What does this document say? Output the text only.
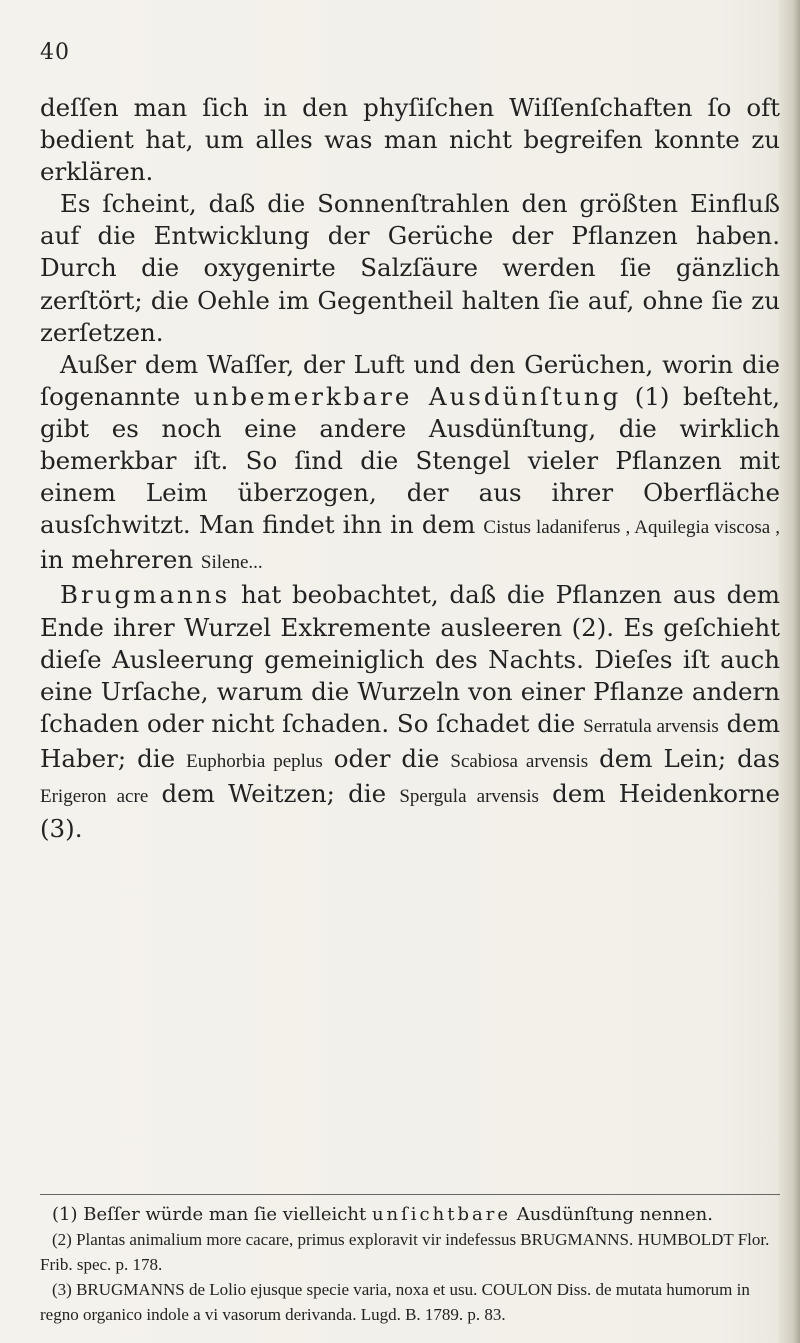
40

deſſen man ſich in den phyſiſchen Wiſſenſchaften ſo oft bedient hat, um alles was man nicht begreifen konnte zu erklären.

Es ſcheint, daß die Sonnenſtrahlen den größten Einfluß auf die Entwicklung der Gerüche der Pflanzen haben. Durch die oxygenirte Salzſäure werden ſie gänzlich zerſtört; die Oehle im Gegentheil halten ſie auf, ohne ſie zu zerſetzen.

Außer dem Waſſer, der Luft und den Gerüchen, worin die ſogenannte unbemerkbare Ausdünſtung (1) beſteht, gibt es noch eine andere Ausdünſtung, die wirklich bemerkbar iſt. So ſind die Stengel vieler Pflanzen mit einem Leim überzogen, der aus ihrer Oberfläche ausſchwitzt. Man findet ihn in dem Cistus ladaniferus , Aquilegia viscosa , in mehreren Silene...

Brugmanns hat beobachtet, daß die Pflanzen aus dem Ende ihrer Wurzel Exkremente ausleeren (2). Es geſchieht dieſe Ausleerung gemeiniglich des Nachts. Dieſes iſt auch eine Urſache, warum die Wurzeln von einer Pflanze andern ſchaden oder nicht ſchaden. So ſchadet die Serratula arvensis dem Haber; die Euphorbia peplus oder die Scabiosa arvensis dem Lein; das Erigeron acre dem Weitzen; die Spergula arvensis dem Heidenkorne (3).

(1) Beſſer würde man ſie vielleicht unſichtbare Ausdünſtung nennen.

(2) Plantas animalium more cacare, primus exploravit vir indefessus BRUGMANNS. HUMBOLDT Flor. Frib. spec. p. 178.

(3) BRUGMANNS de Lolio ejusque specie varia, noxa et usu. COULON Diss. de mutata humorum in regno organico indole a vi vasorum derivanda. Lugd. B. 1789. p. 83.
